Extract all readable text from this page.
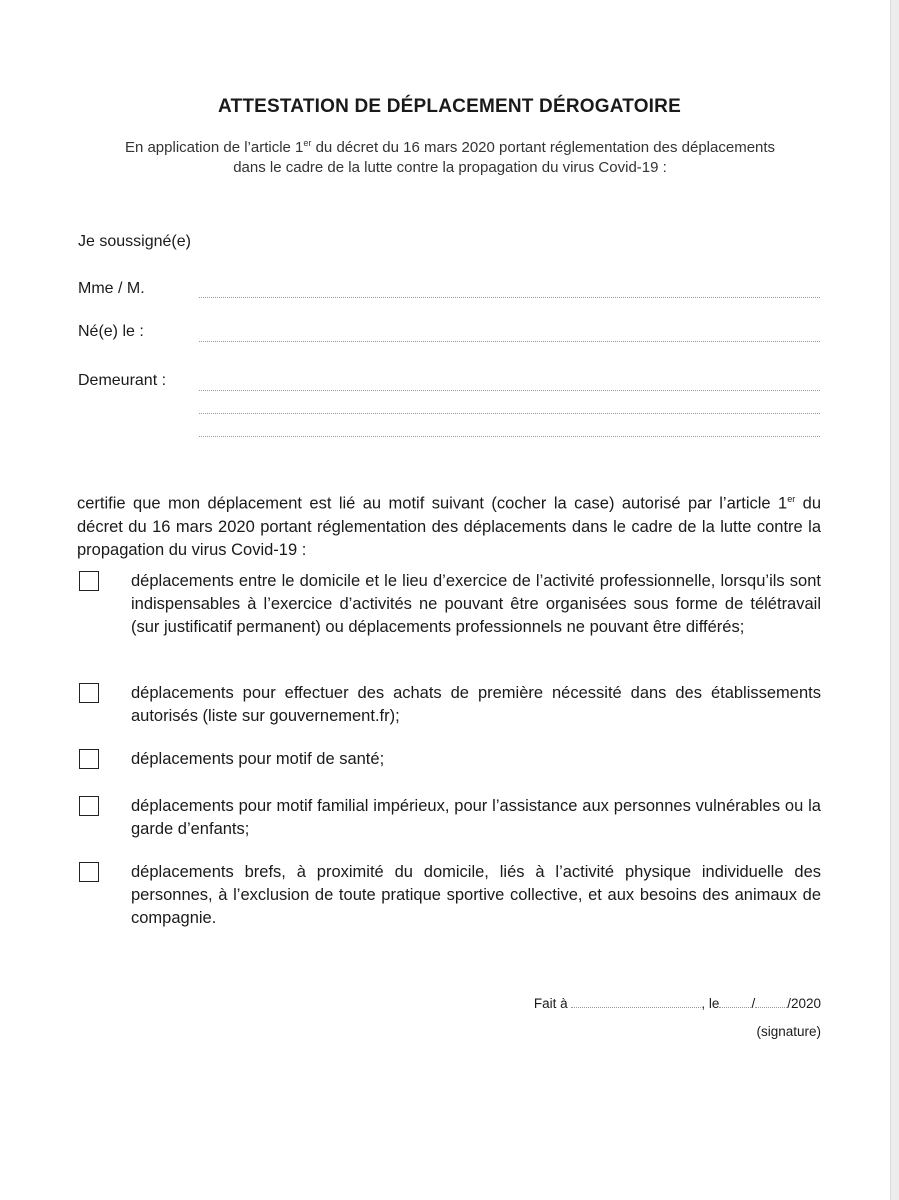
ATTESTATION DE DÉPLACEMENT DÉROGATOIRE
En application de l’article 1er du décret du 16 mars 2020 portant réglementation des déplacements dans le cadre de la lutte contre la propagation du virus Covid-19 :
Je soussigné(e)
Mme / M.
Né(e) le :
Demeurant :
certifie que mon déplacement est lié au motif suivant (cocher la case) autorisé par l’article 1er du décret du 16 mars 2020 portant réglementation des déplacements dans le cadre de la lutte contre la propagation du virus Covid-19 :
déplacements entre le domicile et le lieu d’exercice de l’activité professionnelle, lorsqu’ils sont indispensables à l’exercice d’activités ne pouvant être organisées sous forme de télétravail (sur justificatif permanent) ou déplacements professionnels ne pouvant être différés;
déplacements pour effectuer des achats de première nécessité dans des établissements autorisés (liste sur gouvernement.fr);
déplacements pour motif de santé;
déplacements pour motif familial impérieux, pour l’assistance aux personnes vulnérables ou la garde d’enfants;
déplacements brefs, à proximité du domicile, liés à l’activité physique individuelle des personnes, à l’exclusion de toute pratique sportive collective, et aux besoins des animaux de compagnie.
Fait à	, le / /2020
(signature)
